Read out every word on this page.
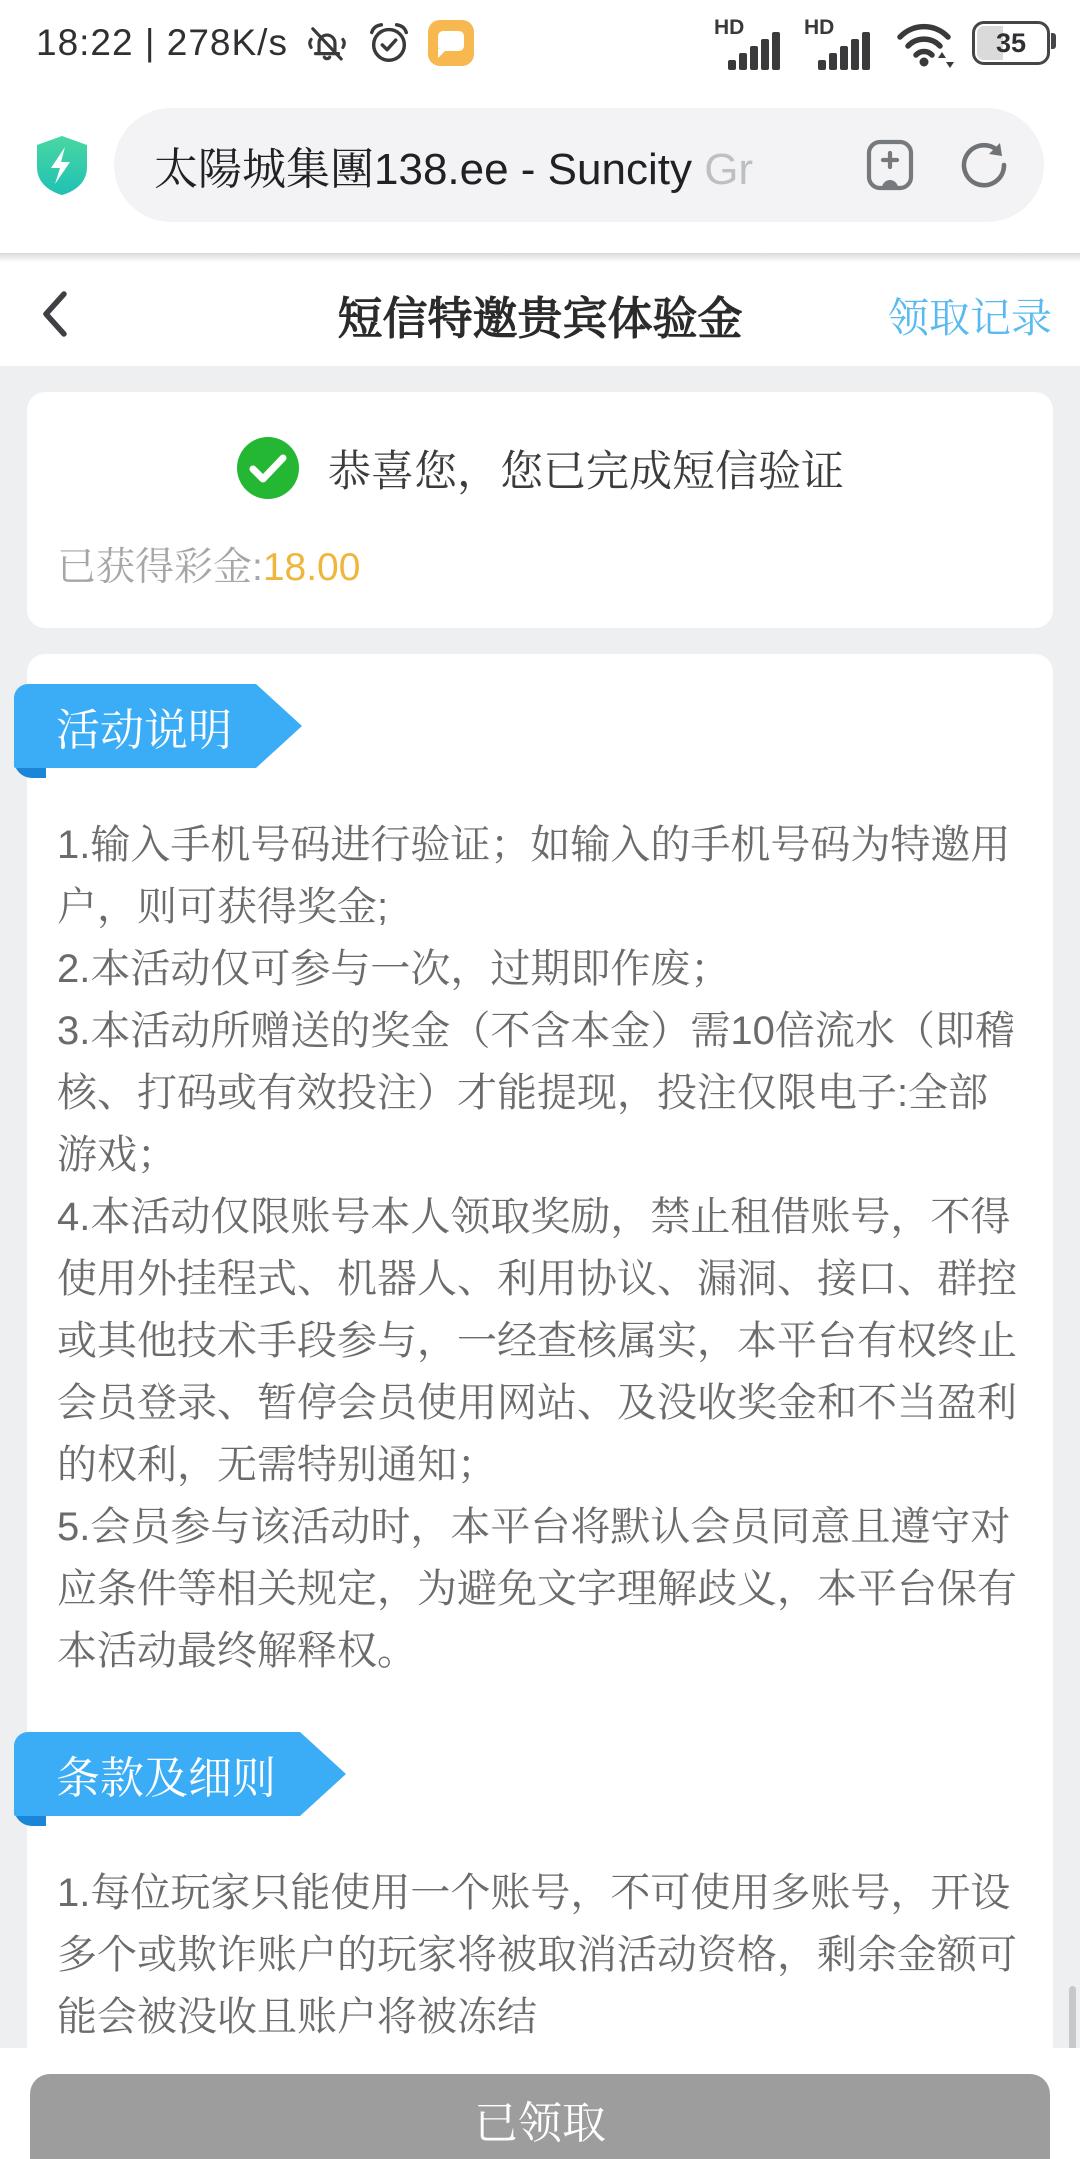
18:22 | 278K/s	HD	HD	35
太陽城集團138.ee - Suncity Gr
短信特邀贵宾体验金	领取记录
恭喜您，您已完成短信验证
已获得彩金:18.00
活动说明

1.输入手机号码进行验证；如输入的手机号码为特邀用户，则可获得奖金;

2.本活动仅可参与一次，过期即作废；

3.本活动所赠送的奖金（不含本金）需10倍流水（即稽核、打码或有效投注）才能提现，投注仅限电子:全部游戏；

4.本活动仅限账号本人领取奖励，禁止租借账号，不得使用外挂程式、机器人、利用协议、漏洞、接口、群控或其他技术手段参与，一经查核属实，本平台有权终止会员登录、暂停会员使用网站、及没收奖金和不当盈利的权利，无需特别通知；

5.会员参与该活动时，本平台将默认会员同意且遵守对应条件等相关规定，为避免文字理解歧义，本平台保有本活动最终解释权。

条款及细则

1.每位玩家只能使用一个账号，不可使用多账号，开设多个或欺诈账户的玩家将被取消活动资格，剩余金额可能会被没收且账户将被冻结

已领取
